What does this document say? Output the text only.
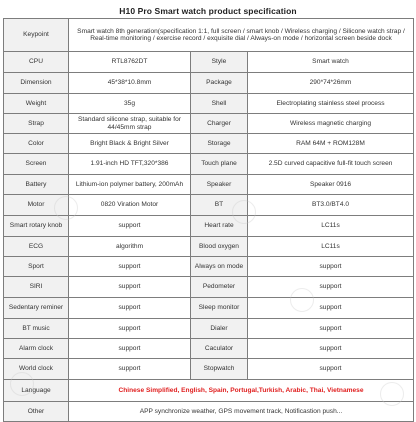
H10 Pro Smart watch product specification
Keypoint	Smart watch 8th generation(specification 1:1, full screen / smart knob / Wireless charging / Silicone watch strap / Real-time monitoring / exercise record / exquisite dial / Always-on mode / horizontal screen beside dock		
CPU	RTL8762DT	Style	Smart watch
Dimension	45*38*10.8mm	Package	290*74*26mm
Weight	35g	Shell	Electroplating stainless steel process
Strap	Standard silicone strap, suitable for 44/45mm strap	Charger	Wireless magnetic charging
Color	Bright Black & Bright Silver	Storage	RAM 64M + ROM128M
Screen	1.91-inch HD TFT,320*386	Touch plane	2.5D curved capacitive full-fit touch screen
Battery	Lithium-ion polymer battery, 200mAh	Speaker	Speaker 0916
Motor	0820 Viration Motor	BT	BT3.0/BT4.0
Smart rotary knob	support	Heart rate	LC11s
ECG	algorithm	Blood oxygen	LC11s
Sport	support	Always on mode	support
SIRI	support	Pedometer	support
Sedentary reminer	support	Sleep monitor	support
BT music	support	Dialer	support
Alarm clock	support	Caculator	support
World clock	support	Stopwatch	support
Language	Chinese Simplified, English, Spain, Portugal,Turkish, Arabic, Thai, Vietnamese		
Other	APP synchronize weather, GPS movement track, Notificastion push...		
